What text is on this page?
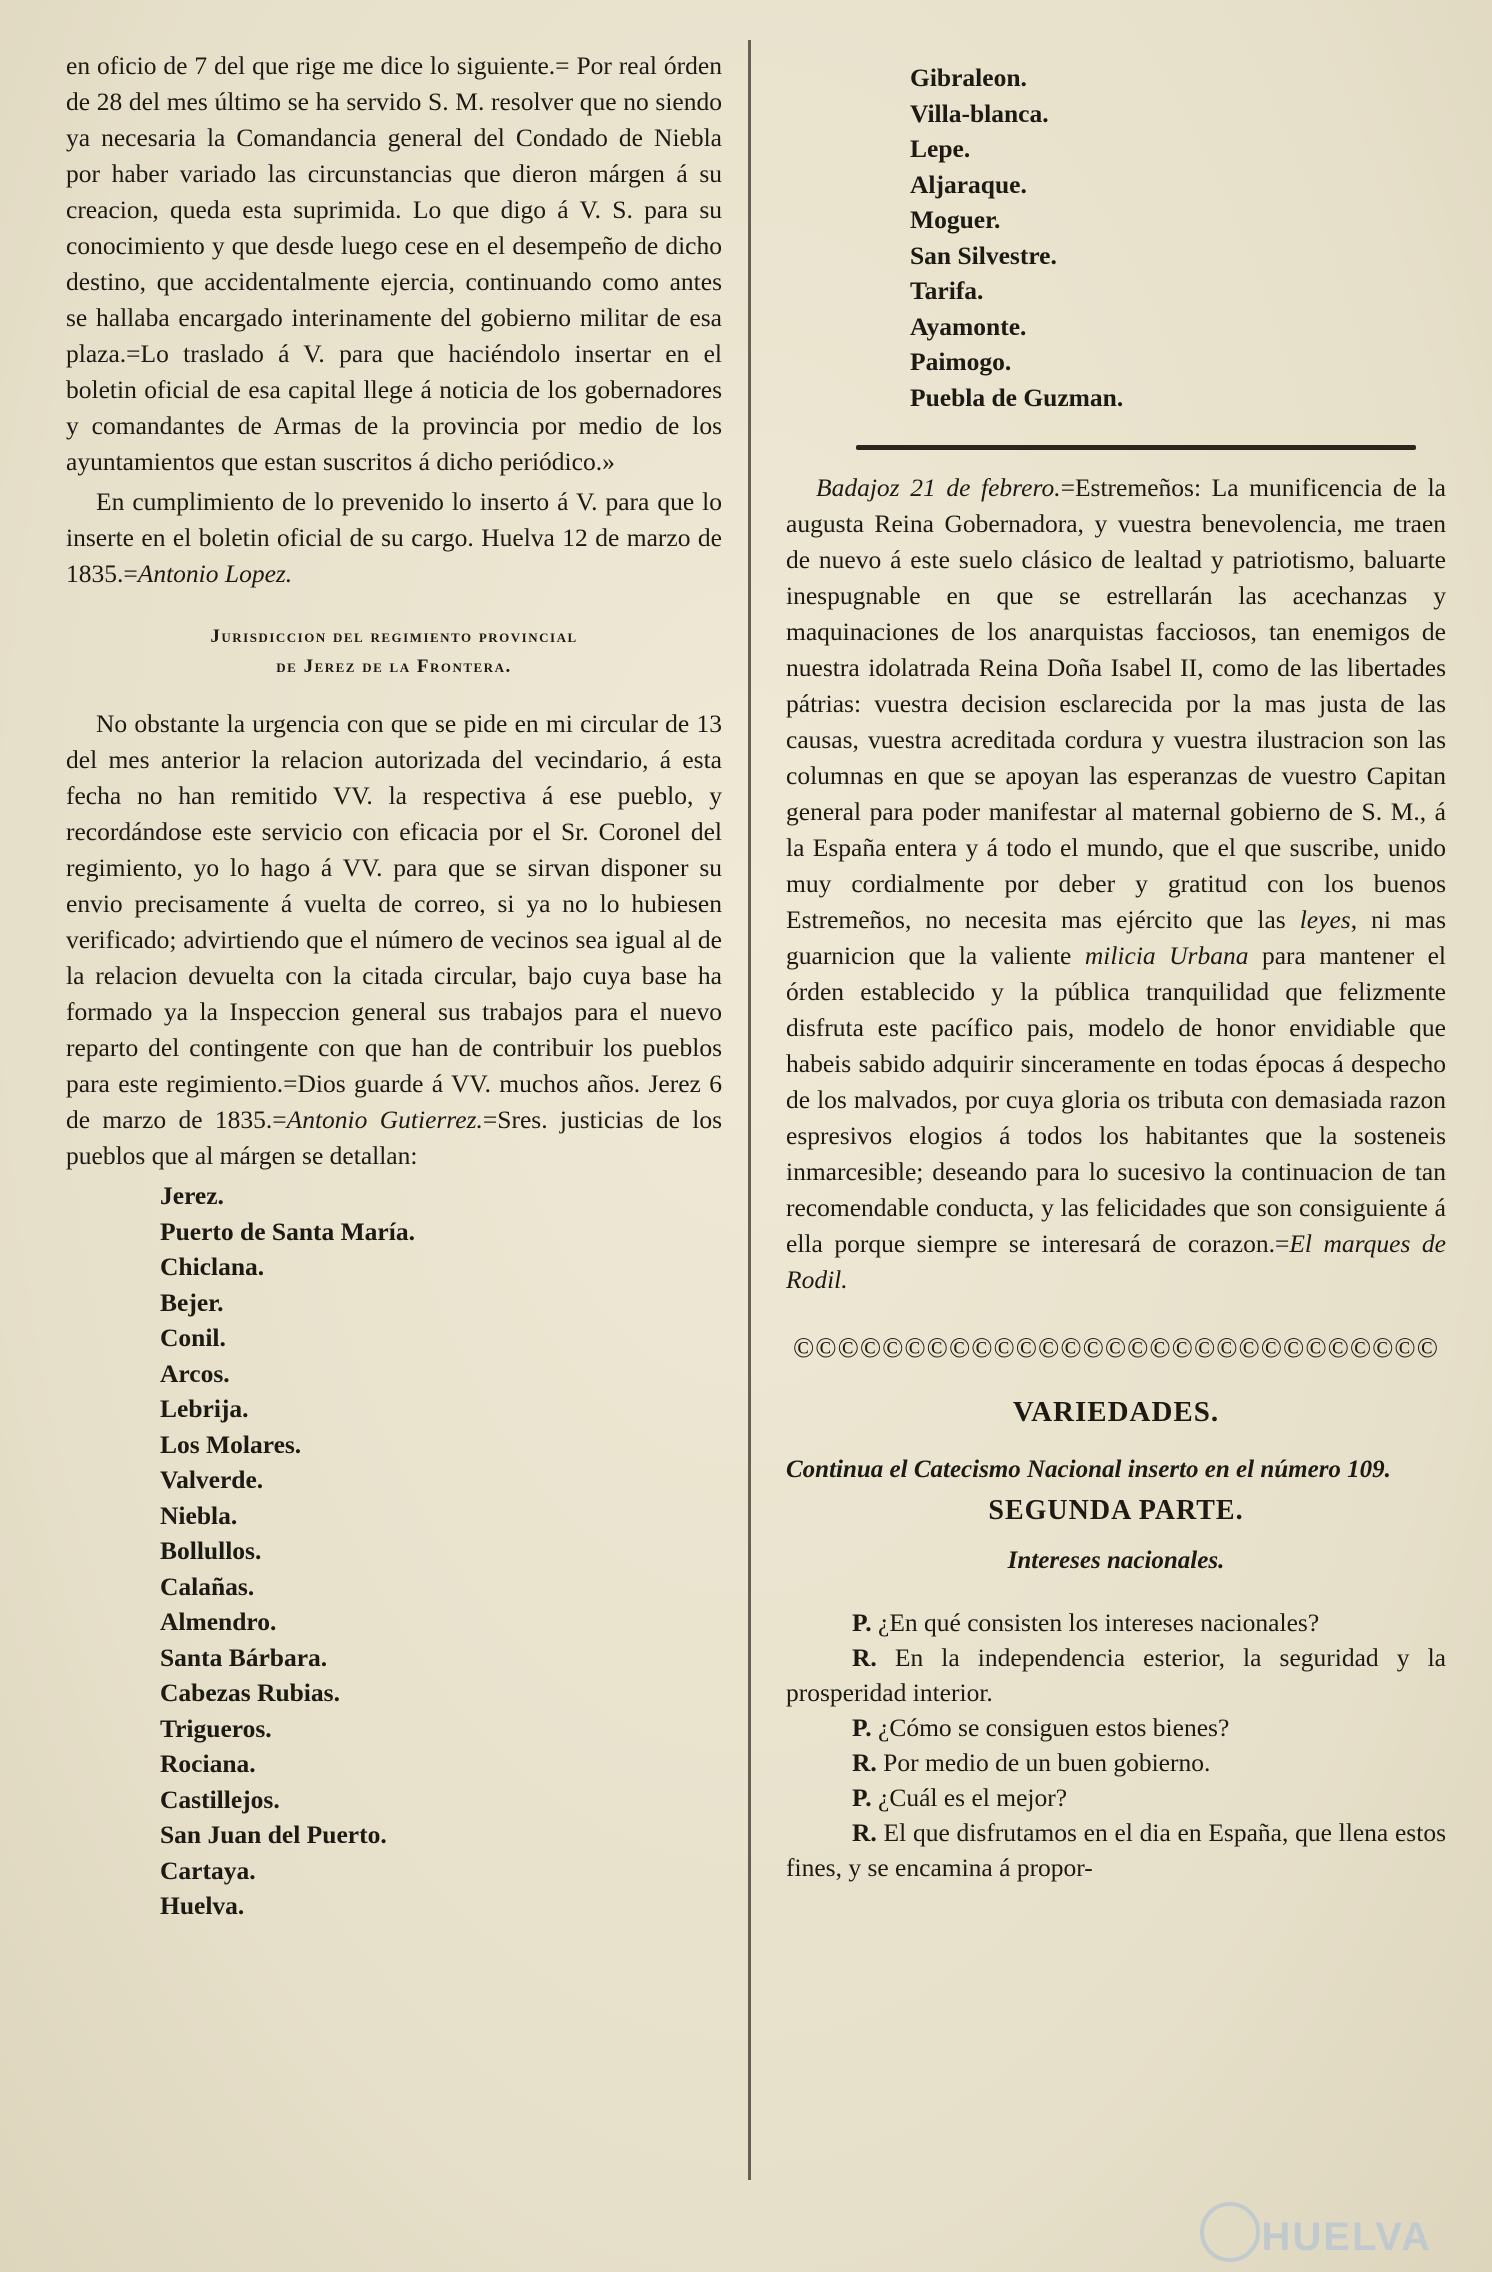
en oficio de 7 del que rige me dice lo siguiente.= Por real órden de 28 del mes último se ha servido S. M. resolver que no siendo ya necesaria la Comandancia general del Condado de Niebla por haber variado las circunstancias que dieron márgen á su creacion, queda esta suprimida. Lo que digo á V. S. para su conocimiento y que desde luego cese en el desempeño de dicho destino, que accidentalmente ejercia, continuando como antes se hallaba encargado interinamente del gobierno militar de esa plaza.=Lo traslado á V. para que haciéndolo insertar en el boletin oficial de esa capital llege á noticia de los gobernadores y comandantes de Armas de la provincia por medio de los ayuntamientos que estan suscritos á dicho periódico.»

En cumplimiento de lo prevenido lo inserto á V. para que lo inserte en el boletin oficial de su cargo. Huelva 12 de marzo de 1835.=Antonio Lopez.

Jurisdiccion del regimiento provincial
de Jerez de la Frontera.

No obstante la urgencia con que se pide en mi circular de 13 del mes anterior la relacion autorizada del vecindario, á esta fecha no han remitido VV. la respectiva á ese pueblo, y recordándose este servicio con eficacia por el Sr. Coronel del regimiento, yo lo hago á VV. para que se sirvan disponer su envio precisamente á vuelta de correo, si ya no lo hubiesen verificado; advirtiendo que el número de vecinos sea igual al de la relacion devuelta con la citada circular, bajo cuya base ha formado ya la Inspeccion general sus trabajos para el nuevo reparto del contingente con que han de contribuir los pueblos para este regimiento.=Dios guarde á VV. muchos años. Jerez 6 de marzo de 1835.=Antonio Gutierrez.=Sres. justicias de los pueblos que al márgen se detallan:

Jerez.
Puerto de Santa María.
Chiclana.
Bejer.
Conil.
Arcos.
Lebrija.
Los Molares.
Valverde.
Niebla.
Bollullos.
Calañas.
Almendro.
Santa Bárbara.
Cabezas Rubias.
Trigueros.
Rociana.
Castillejos.
San Juan del Puerto.
Cartaya.
Huelva.
Gibraleon.
Villa-blanca.
Lepe.
Aljaraque.
Moguer.
San Silvestre.
Tarifa.
Ayamonte.
Paimogo.
Puebla de Guzman.

Badajoz 21 de febrero.=Estremeños: La munificencia de la augusta Reina Gobernadora, y vuestra benevolencia, me traen de nuevo á este suelo clásico de lealtad y patriotismo, baluarte inespugnable en que se estrellarán las acechanzas y maquinaciones de los anarquistas facciosos, tan enemigos de nuestra idolatrada Reina Doña Isabel II, como de las libertades pátrias: vuestra decision esclarecida por la mas justa de las causas, vuestra acreditada cordura y vuestra ilustracion son las columnas en que se apoyan las esperanzas de vuestro Capitan general para poder manifestar al maternal gobierno de S. M., á la España entera y á todo el mundo, que el que suscribe, unido muy cordialmente por deber y gratitud con los buenos Estremeños, no necesita mas ejército que las leyes, ni mas guarnicion que la valiente milicia Urbana para mantener el órden establecido y la pública tranquilidad que felizmente disfruta este pacífico pais, modelo de honor envidiable que habeis sabido adquirir sinceramente en todas épocas á despecho de los malvados, por cuya gloria os tributa con demasiada razon espresivos elogios á todos los habitantes que la sosteneis inmarcesible; deseando para lo sucesivo la continuacion de tan recomendable conducta, y las felicidades que son consiguiente á ella porque siempre se interesará de corazon.=El marques de Rodil.

©©©©©©©©©©©©©©©©©©©©©©©©©©©©©
VARIEDADES.

Continua el Catecismo Nacional inserto en el número 109.

SEGUNDA PARTE.
Intereses nacionales.

P. ¿En qué consisten los intereses nacionales?

R. En la independencia esterior, la seguridad y la prosperidad interior.

P. ¿Cómo se consiguen estos bienes?

R. Por medio de un buen gobierno.

P. ¿Cuál es el mejor?

R. El que disfrutamos en el dia en España, que llena estos fines, y se encamina á propor-

HUELVA
